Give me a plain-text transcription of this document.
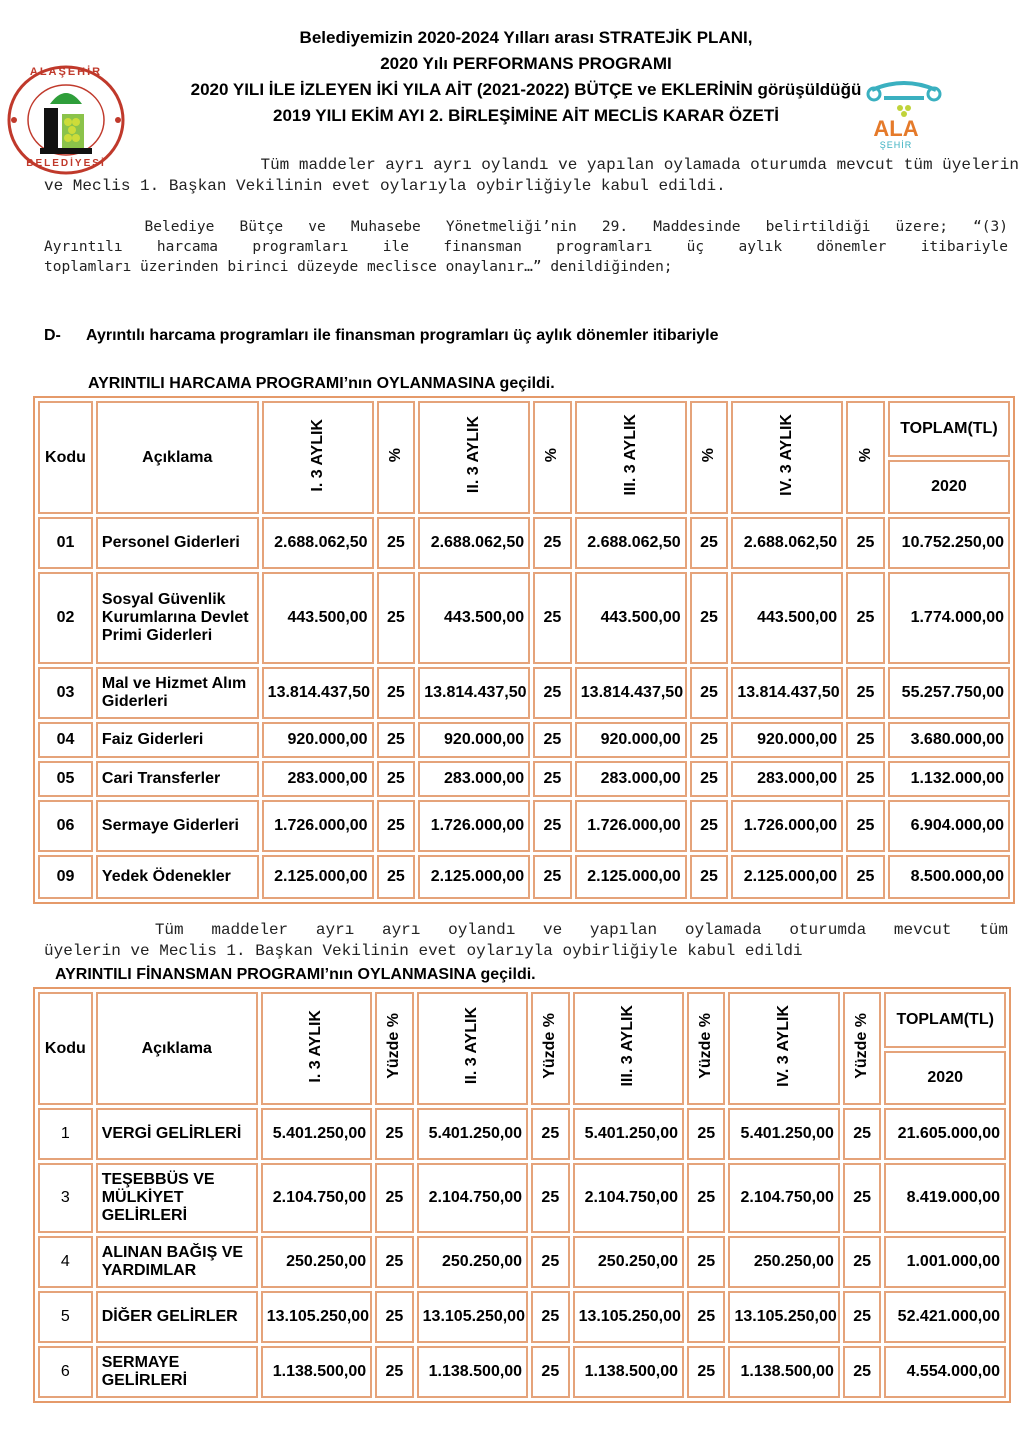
Belediyemizin 2020-2024 Yılları arası STRATEJİK PLANI,
2020 Yılı PERFORMANS PROGRAMI
2020 YILI İLE İZLEYEN İKİ YILA AİT (2021-2022) BÜTÇE ve EKLERİNİN görüşüldüğü
2019 YILI EKİM AYI 2. BİRLEŞİMİNE AİT MECLİS KARAR ÖZETİ
ALAŞEHİR
BELEDİYESİ
ALA
ŞEHİR
Tüm maddeler ayrı ayrı oylandı ve yapılan oylamada oturumda mevcut tüm üyelerin
ve Meclis 1. Başkan Vekilinin evet oylarıyla oybirliğiyle kabul edildi.
Belediye Bütçe ve Muhasebe Yönetmeliği’nin 29. Maddesinde belirtildiği üzere; “(3)
Ayrıntılı harcama programları ile finansman programları üç aylık dönemler itibariyle
toplamları üzerinden birinci düzeyde meclisce onaylanır…” denildiğinden;
D- Ayrıntılı harcama programları ile finansman programları üç aylık dönemler itibariyle
AYRINTILI HARCAMA PROGRAMI’nın OYLANMASINA geçildi.
Kodu	Açıklama	I. 3 AYLIK	%	II. 3 AYLIK	%	III. 3 AYLIK	%	IV. 3 AYLIK	%	TOPLAM(TL)
										2020
01	Personel Giderleri	2.688.062,50	25	2.688.062,50	25	2.688.062,50	25	2.688.062,50	25	10.752.250,00
02	Sosyal Güvenlik Kurumlarına Devlet Primi Giderleri	443.500,00	25	443.500,00	25	443.500,00	25	443.500,00	25	1.774.000,00
03	Mal ve Hizmet Alım Giderleri	13.814.437,50	25	13.814.437,50	25	13.814.437,50	25	13.814.437,50	25	55.257.750,00
04	Faiz Giderleri	920.000,00	25	920.000,00	25	920.000,00	25	920.000,00	25	3.680.000,00
05	Cari Transferler	283.000,00	25	283.000,00	25	283.000,00	25	283.000,00	25	1.132.000,00
06	Sermaye Giderleri	1.726.000,00	25	1.726.000,00	25	1.726.000,00	25	1.726.000,00	25	6.904.000,00
09	Yedek Ödenekler	2.125.000,00	25	2.125.000,00	25	2.125.000,00	25	2.125.000,00	25	8.500.000,00
Tüm maddeler ayrı ayrı oylandı ve yapılan oylamada oturumda mevcut tüm
üyelerin ve Meclis 1. Başkan Vekilinin evet oylarıyla oybirliğiyle kabul edildi
AYRINTILI FİNANSMAN PROGRAMI’nın OYLANMASINA geçildi.
Kodu	Açıklama	I. 3 AYLIK	Yüzde %	II. 3 AYLIK	Yüzde %	III. 3 AYLIK	Yüzde %	IV. 3 AYLIK	Yüzde %	TOPLAM(TL)
										2020
1	VERGİ GELİRLERİ	5.401.250,00	25	5.401.250,00	25	5.401.250,00	25	5.401.250,00	25	21.605.000,00
3	TEŞEBBÜS VE MÜLKİYET GELİRLERİ	2.104.750,00	25	2.104.750,00	25	2.104.750,00	25	2.104.750,00	25	8.419.000,00
4	ALINAN BAĞIŞ VE YARDIMLAR	250.250,00	25	250.250,00	25	250.250,00	25	250.250,00	25	1.001.000,00
5	DİĞER GELİRLER	13.105.250,00	25	13.105.250,00	25	13.105.250,00	25	13.105.250,00	25	52.421.000,00
6	SERMAYE GELİRLERİ	1.138.500,00	25	1.138.500,00	25	1.138.500,00	25	1.138.500,00	25	4.554.000,00
